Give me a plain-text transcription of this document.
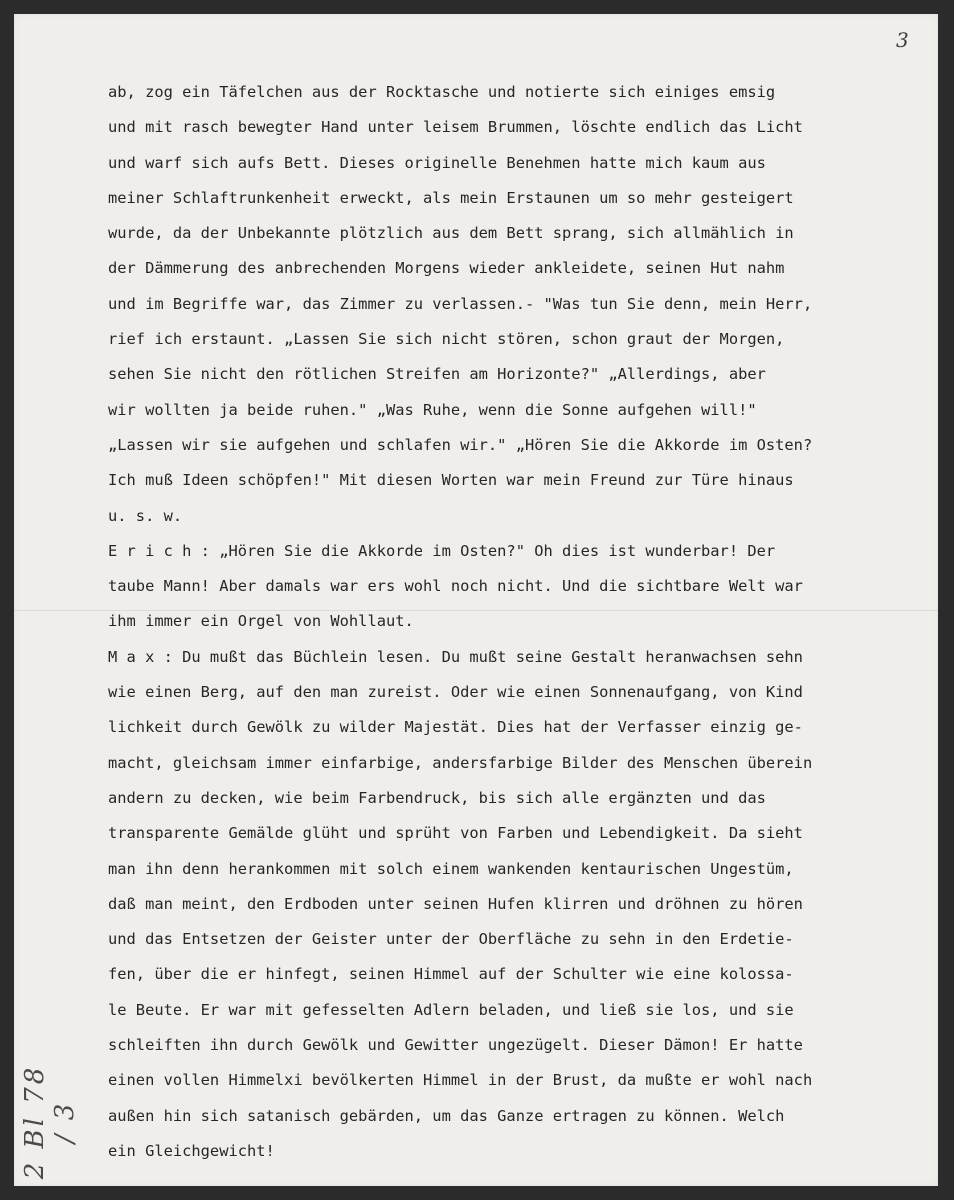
3
ab, zog ein Täfelchen aus der Rocktasche und notierte sich einiges emsig
und mit rasch bewegter Hand unter leisem Brummen, löschte endlich das Licht
und warf sich aufs Bett. Dieses originelle Benehmen hatte mich kaum aus
meiner Schlaftrunkenheit erweckt, als mein Erstaunen um so mehr gesteigert
wurde, da der Unbekannte plötzlich aus dem Bett sprang, sich allmählich in
der Dämmerung des anbrechenden Morgens wieder ankleidete, seinen Hut nahm
und im Begriffe war, das Zimmer zu verlassen.- "Was tun Sie denn, mein Herr,
rief ich erstaunt. „Lassen Sie sich nicht stören, schon graut der Morgen,
sehen Sie nicht den rötlichen Streifen am Horizonte?" „Allerdings, aber
wir wollten ja beide ruhen." „Was Ruhe, wenn die Sonne aufgehen will!"
„Lassen wir sie aufgehen und schlafen wir." „Hören Sie die Akkorde im Osten?
Ich muß Ideen schöpfen!" Mit diesen Worten war mein Freund zur Türe hinaus
u. s. w.
E r i c h : „Hören Sie die Akkorde im Osten?" Oh dies ist wunderbar! Der
taube Mann! Aber damals war ers wohl noch nicht. Und die sichtbare Welt war
ihm immer ein Orgel von Wohllaut.
M a x : Du mußt das Büchlein lesen. Du mußt seine Gestalt heranwachsen sehn
wie einen Berg, auf den man zureist. Oder wie einen Sonnenaufgang, von Kind
lichkeit durch Gewölk zu wilder Majestät. Dies hat der Verfasser einzig ge-
macht, gleichsam immer einfarbige, andersfarbige Bilder des Menschen überein
andern zu decken, wie beim Farbendruck, bis sich alle ergänzten und das
transparente Gemälde glüht und sprüht von Farben und Lebendigkeit. Da sieht
man ihn denn herankommen mit solch einem wankenden kentaurischen Ungestüm,
daß man meint, den Erdboden unter seinen Hufen klirren und dröhnen zu hören
und das Entsetzen der Geister unter der Oberfläche zu sehn in den Erdetie-
fen, über die er hinfegt, seinen Himmel auf der Schulter wie eine kolossa-
le Beute. Er war mit gefesselten Adlern beladen, und ließ sie los, und sie
schleiften ihn durch Gewölk und Gewitter ungezügelt. Dieser Dämon! Er hatte
einen vollen Himmelxi bevölkerten Himmel in der Brust, da mußte er wohl nach
außen hin sich satanisch gebärden, um das Ganze ertragen zu können. Welch
ein Gleichgewicht!
2 Bl 78 / 3
